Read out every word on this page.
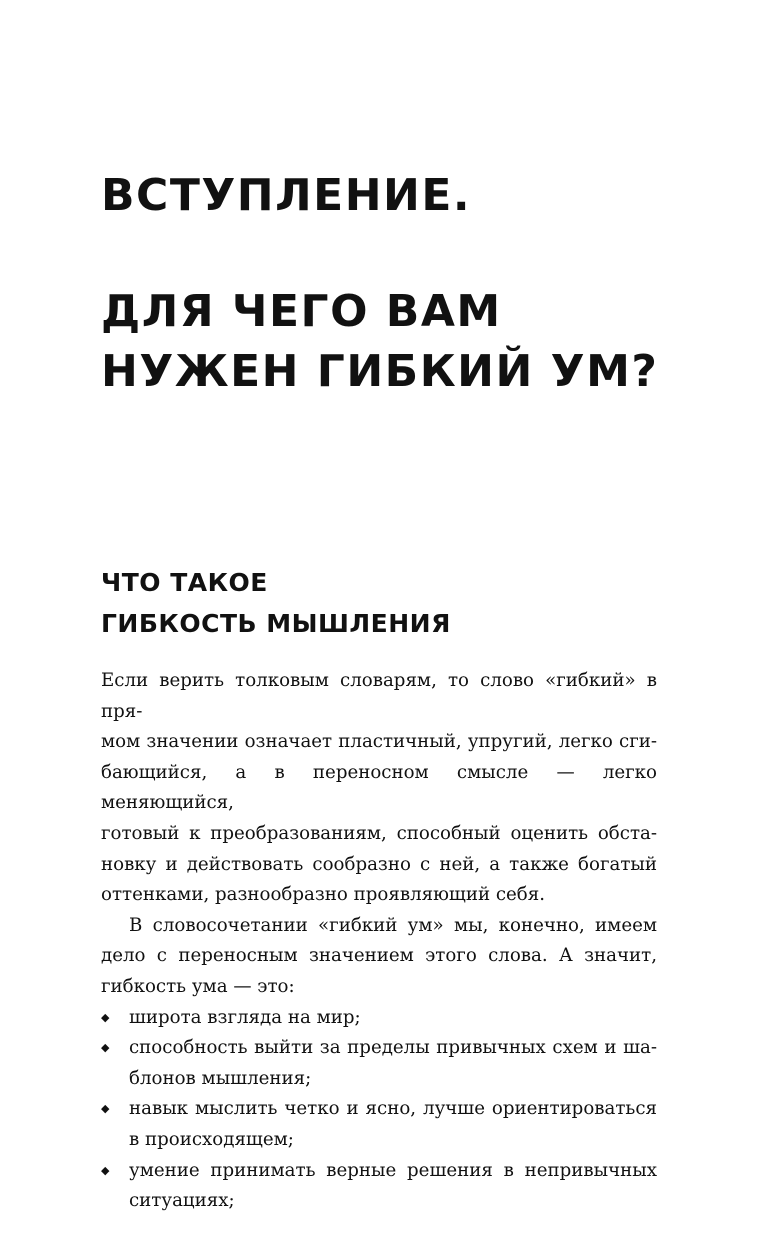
ВСТУПЛЕНИЕ.
ДЛЯ ЧЕГО ВАМ
НУЖЕН ГИБКИЙ УМ?
ЧТО ТАКОЕ
ГИБКОСТЬ МЫШЛЕНИЯ
Если верить толковым словарям, то слово «гибкий» в пря-
мом значении означает пластичный, упругий, легко сги-
бающийся, а в переносном смысле — легко меняющийся,
готовый к преобразованиям, способный оценить обста-
новку и действовать сообразно с ней, а также богатый
оттенками, разнообразно проявляющий себя.
В словосочетании «гибкий ум» мы, конечно, имеем
дело с переносным значением этого слова. А значит,
гибкость ума — это:
◆	широта взгляда на мир;
◆	способность выйти за пределы привычных схем и ша-
блонов мышления;
◆	навык мыслить четко и ясно, лучше ориентироваться
в происходящем;
◆	умение принимать верные решения в непривычных
ситуациях;
